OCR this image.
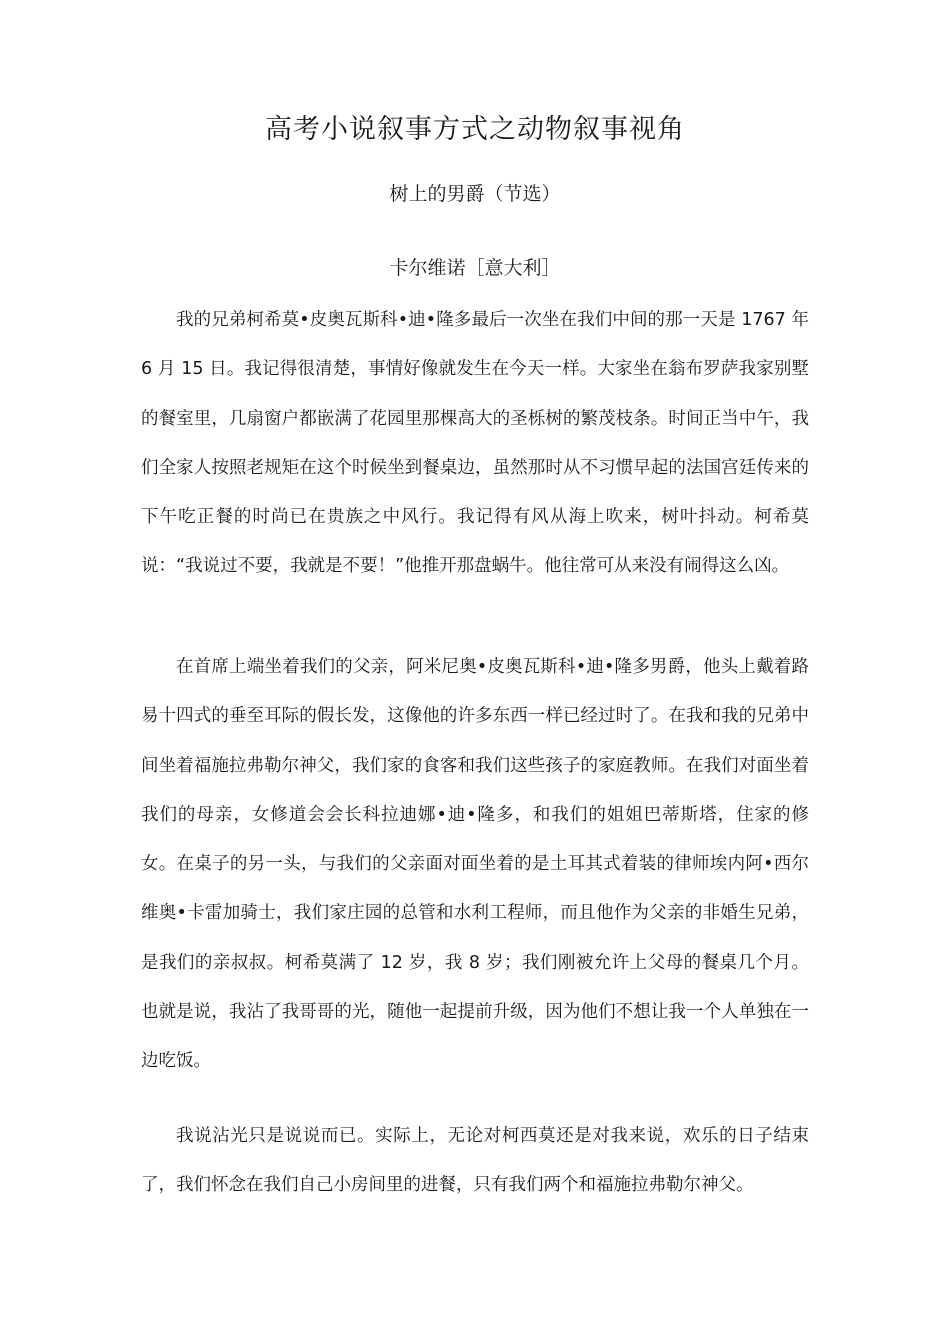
高考小说叙事方式之动物叙事视角

树上的男爵（节选）

卡尔维诺［意大利］

我的兄弟柯希莫•皮奥瓦斯科•迪•隆多最后一次坐在我们中间的那一天是 1767 年 6 月 15 日。我记得很清楚，事情好像就发生在今天一样。大家坐在翁布罗萨我家别墅的餐室里，几扇窗户都嵌满了花园里那棵高大的圣栎树的繁茂枝条。时间正当中午，我们全家人按照老规矩在这个时候坐到餐桌边，虽然那时从不习惯早起的法国宫廷传来的下午吃正餐的时尚已在贵族之中风行。我记得有风从海上吹来，树叶抖动。柯希莫说：“我说过不要，我就是不要！”他推开那盘蜗牛。他往常可从来没有闹得这么凶。

在首席上端坐着我们的父亲，阿米尼奥•皮奥瓦斯科•迪•隆多男爵，他头上戴着路易十四式的垂至耳际的假长发，这像他的许多东西一样已经过时了。在我和我的兄弟中间坐着福施拉弗勒尔神父，我们家的食客和我们这些孩子的家庭教师。在我们对面坐着我们的母亲，女修道会会长科拉迪娜•迪•隆多，和我们的姐姐巴蒂斯塔，住家的修女。在桌子的另一头，与我们的父亲面对面坐着的是土耳其式着装的律师埃内阿•西尔维奥•卡雷加骑士，我们家庄园的总管和水利工程师，而且他作为父亲的非婚生兄弟，是我们的亲叔叔。柯希莫满了 12 岁，我 8 岁；我们刚被允许上父母的餐桌几个月。也就是说，我沾了我哥哥的光，随他一起提前升级，因为他们不想让我一个人单独在一边吃饭。

我说沾光只是说说而已。实际上，无论对柯西莫还是对我来说，欢乐的日子结束了，我们怀念在我们自己小房间里的进餐，只有我们两个和福施拉弗勒尔神父。
